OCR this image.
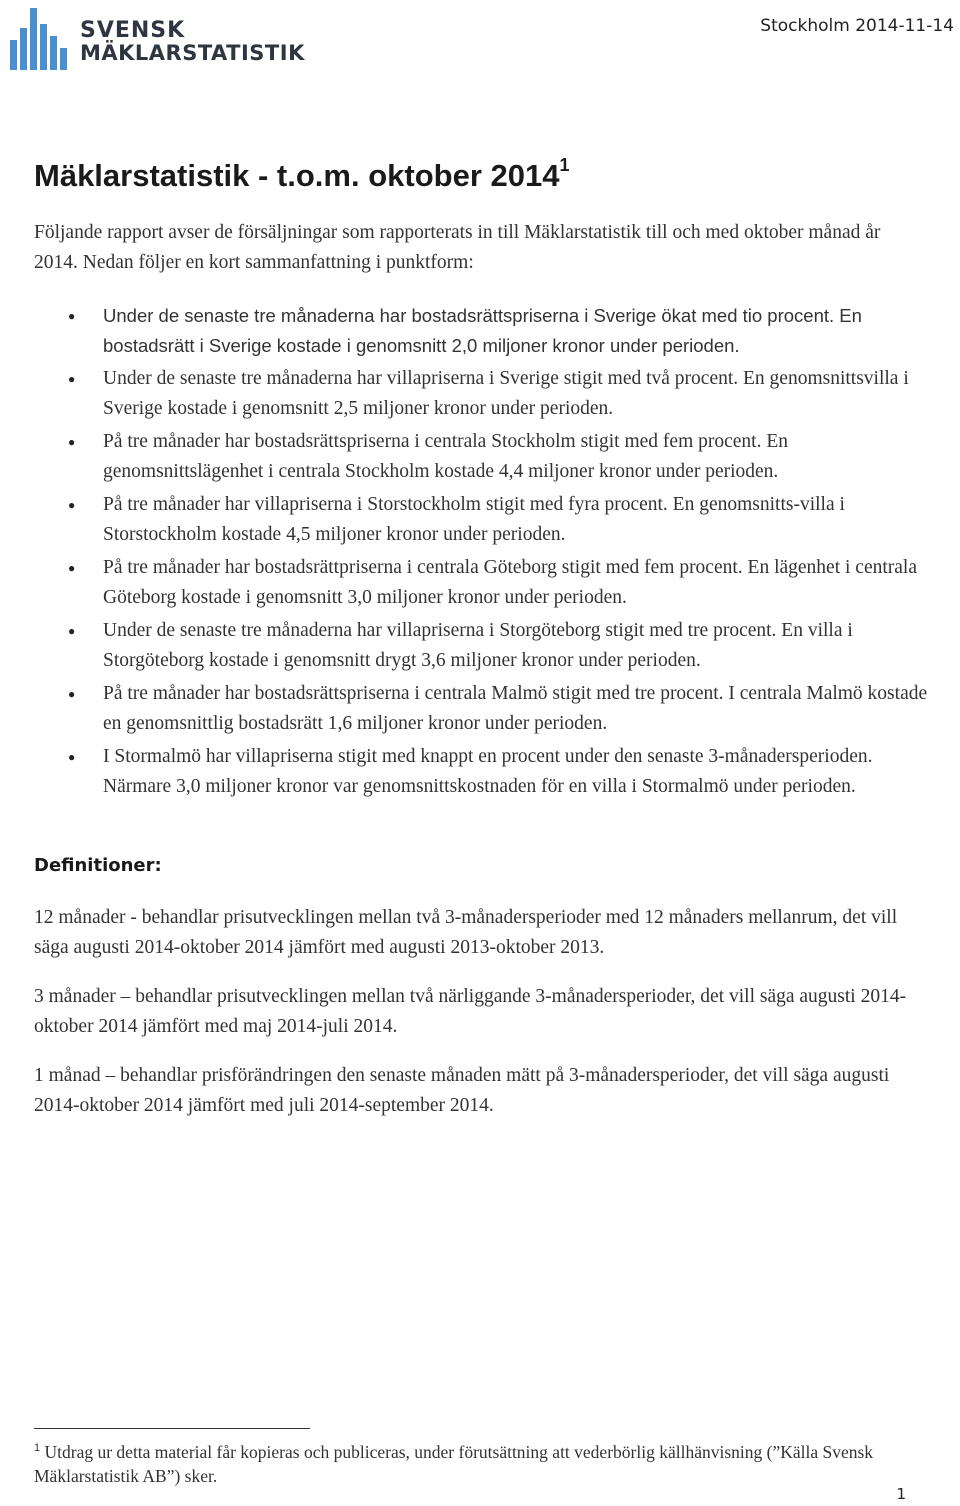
SVENSK
MÄKLARSTATISTIK
Stockholm 2014-11-14
Mäklarstatistik - t.o.m. oktober 2014$^1$

Följande rapport avser de försäljningar som rapporterats in till Mäklarstatistik till och med oktober månad år 2014. Nedan följer en kort sammanfattning i punktform:

● Under de senaste tre månaderna har bostadsrättspriserna i Sverige ökat med tio procent. En bostadsrätt i Sverige kostade i genomsnitt 2,0 miljoner kronor under perioden.
● Under de senaste tre månaderna har villapriserna i Sverige stigit med två procent. En genomsnittsvilla i Sverige kostade i genomsnitt 2,5 miljoner kronor under perioden.
● På tre månader har bostadsrättspriserna i centrala Stockholm stigit med fem procent. En genomsnittslägenhet i centrala Stockholm kostade 4,4 miljoner kronor under perioden.
● På tre månader har villapriserna i Storstockholm stigit med fyra procent. En genomsnitts-villa i Storstockholm kostade 4,5 miljoner kronor under perioden.
● På tre månader har bostadsrättpriserna i centrala Göteborg stigit med fem procent. En lägenhet i centrala Göteborg kostade i genomsnitt 3,0 miljoner kronor under perioden.
● Under de senaste tre månaderna har villapriserna i Storgöteborg stigit med tre procent. En villa i Storgöteborg kostade i genomsnitt drygt 3,6 miljoner kronor under perioden.
● På tre månader har bostadsrättspriserna i centrala Malmö stigit med tre procent. I centrala Malmö kostade en genomsnittlig bostadsrätt 1,6 miljoner kronor under perioden.
● I Stormalmö har villapriserna stigit med knappt en procent under den senaste 3-månadersperioden. Närmare 3,0 miljoner kronor var genomsnittskostnaden för en villa i Stormalmö under perioden.
Definitioner:

12 månader - behandlar prisutvecklingen mellan två 3-månadersperioder med 12 månaders mellanrum, det vill säga augusti 2014-oktober 2014 jämfört med augusti 2013-oktober 2013.

3 månader – behandlar prisutvecklingen mellan två närliggande 3-månadersperioder, det vill säga augusti 2014-oktober 2014 jämfört med maj 2014-juli 2014.

1 månad – behandlar prisförändringen den senaste månaden mätt på 3-månadersperioder, det vill säga augusti 2014-oktober 2014 jämfört med juli 2014-september 2014.

$^1$ Utdrag ur detta material får kopieras och publiceras, under förutsättning att vederbörlig källhänvisning (”Källa Svensk Mäklarstatistik AB”) sker.

1
